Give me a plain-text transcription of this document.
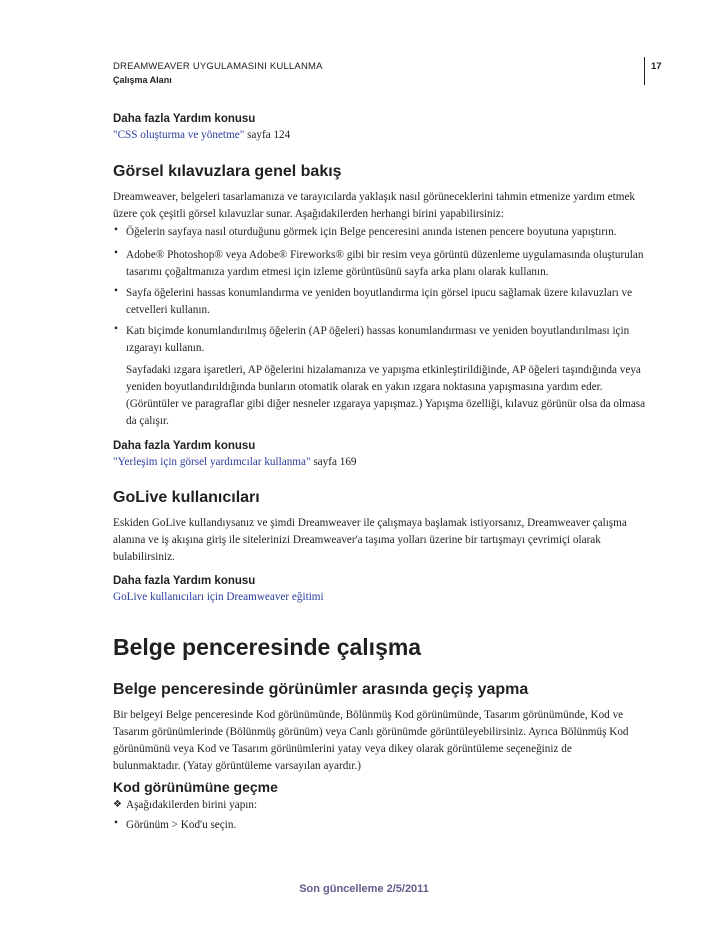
DREAMWEAVER UYGULAMASINI KULLANMA
Çalışma Alanı
17

Daha fazla Yardım konusu

"CSS oluşturma ve yönetme" sayfa 124

Görsel kılavuzlara genel bakış

Dreamweaver, belgeleri tasarlamanıza ve tarayıcılarda yaklaşık nasıl görüneceklerini tahmin etmenize yardım etmek

üzere çok çeşitli görsel kılavuzlar sunar. Aşağıdakilerden herhangi birini yapabilirsiniz:

• Öğelerin sayfaya nasıl oturduğunu görmek için Belge penceresini anında istenen pencere boyutuna yapıştırın.

• Adobe® Photoshop® veya Adobe® Fireworks® gibi bir resim veya görüntü düzenleme uygulamasında oluşturulan

tasarımı çoğaltmanıza yardım etmesi için izleme görüntüsünü sayfa arka planı olarak kullanın.

• Sayfa öğelerini hassas konumlandırma ve yeniden boyutlandırma için görsel ipucu sağlamak üzere kılavuzları ve

cetvelleri kullanın.

• Katı biçimde konumlandırılmış öğelerin (AP öğeleri) hassas konumlandırması ve yeniden boyutlandırılması için

ızgarayı kullanın.

Sayfadaki ızgara işaretleri, AP öğelerini hizalamanıza ve yapışma etkinleştirildiğinde, AP öğeleri taşındığında veya

yeniden boyutlandırıldığında bunların otomatik olarak en yakın ızgara noktasına yapışmasına yardım eder.

(Görüntüler ve paragraflar gibi diğer nesneler ızgaraya yapışmaz.) Yapışma özelliği, kılavuz görünür olsa da olmasa

da çalışır.

Daha fazla Yardım konusu

"Yerleşim için görsel yardımcılar kullanma" sayfa 169

GoLive kullanıcıları

Eskiden GoLive kullandıysanız ve şimdi Dreamweaver ile çalışmaya başlamak istiyorsanız, Dreamweaver çalışma

alanına ve iş akışına giriş ile sitelerinizi Dreamweaver'a taşıma yolları üzerine bir tartışmayı çevrimiçi olarak

bulabilirsiniz.

Daha fazla Yardım konusu

GoLive kullanıcıları için Dreamweaver eğitimi

Belge penceresinde çalışma

Belge penceresinde görünümler arasında geçiş yapma

Bir belgeyi Belge penceresinde Kod görünümünde, Bölünmüş Kod görünümünde, Tasarım görünümünde, Kod ve

Tasarım görünümlerinde (Bölünmüş görünüm) veya Canlı görünümde görüntüleyebilirsiniz. Ayrıca Bölünmüş Kod

görünümünü veya Kod ve Tasarım görünümlerini yatay veya dikey olarak görüntüleme seçeneğiniz de

bulunmaktadır. (Yatay görüntüleme varsayılan ayardır.)

Kod görünümüne geçme

❖ Aşağıdakilerden birini yapın:

• Görünüm > Kod'u seçin.

Son güncelleme 2/5/2011
